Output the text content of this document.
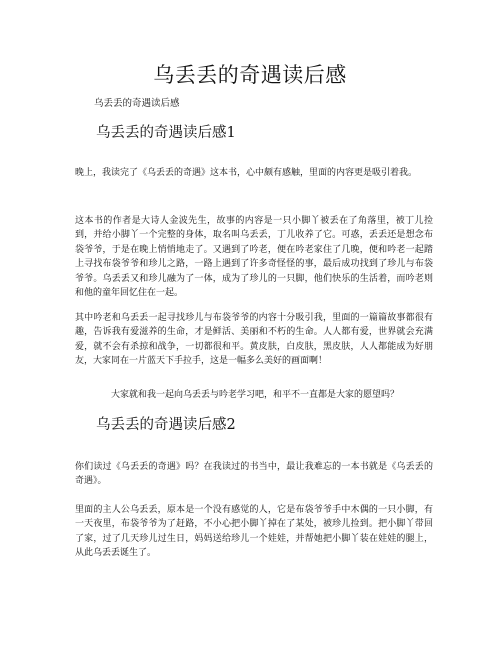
乌丢丢的奇遇读后感
乌丢丢的奇遇读后感
乌丢丢的奇遇读后感1

晚上，我读完了《乌丢丢的奇遇》这本书，心中颇有感触，里面的内容更是吸引着我。

这本书的作者是大诗人金波先生，故事的内容是一只小脚丫被丢在了角落里，被丁儿捡到，并给小脚丫一个完整的身体，取名叫乌丢丢，丁儿收养了它。可惑，丢丢还是想念布袋爷爷，于是在晚上悄悄地走了。又遇到了吟老，便在吟老家住了几晚，便和吟老一起踏上寻找布袋爷爷和珍儿之路，一路上遇到了许多奇怪怪的事，最后成功找到了珍儿与布袋爷爷。乌丢丢又和珍儿融为了一体，成为了珍儿的一只脚，他们快乐的生活着，而吟老则和他的童年回忆住在一起。

其中吟老和乌丢丢一起寻找珍儿与布袋爷爷的内容十分吸引我，里面的一篇篇故事都很有趣，告诉我有爱滋养的生命，才是鲜活、美丽和不朽的生命。人人都有爱，世界就会充满爱，就不会有杀掠和战争，一切都很和平。黄皮肤，白皮肤，黑皮肤，人人都能成为好朋友，大家同在一片蓝天下手拉手，这是一幅多么美好的画面啊！

大家就和我一起向乌丢丢与吟老学习吧，和平不一直都是大家的愿望吗？

乌丢丢的奇遇读后感2

你们读过《乌丢丢的奇遇》吗？在我读过的书当中，最让我难忘的一本书就是《乌丢丢的奇遇》。

里面的主人公乌丢丢，原本是一个没有感觉的人，它是布袋爷爷手中木偶的一只小脚，有一天夜里，布袋爷爷为了赶路，不小心把小脚丫掉在了某处，被珍儿捡到。把小脚丫带回了家，过了几天珍儿过生日，妈妈送给珍儿一个娃娃，并帮她把小脚丫装在娃娃的腿上，从此乌丢丢诞生了。
